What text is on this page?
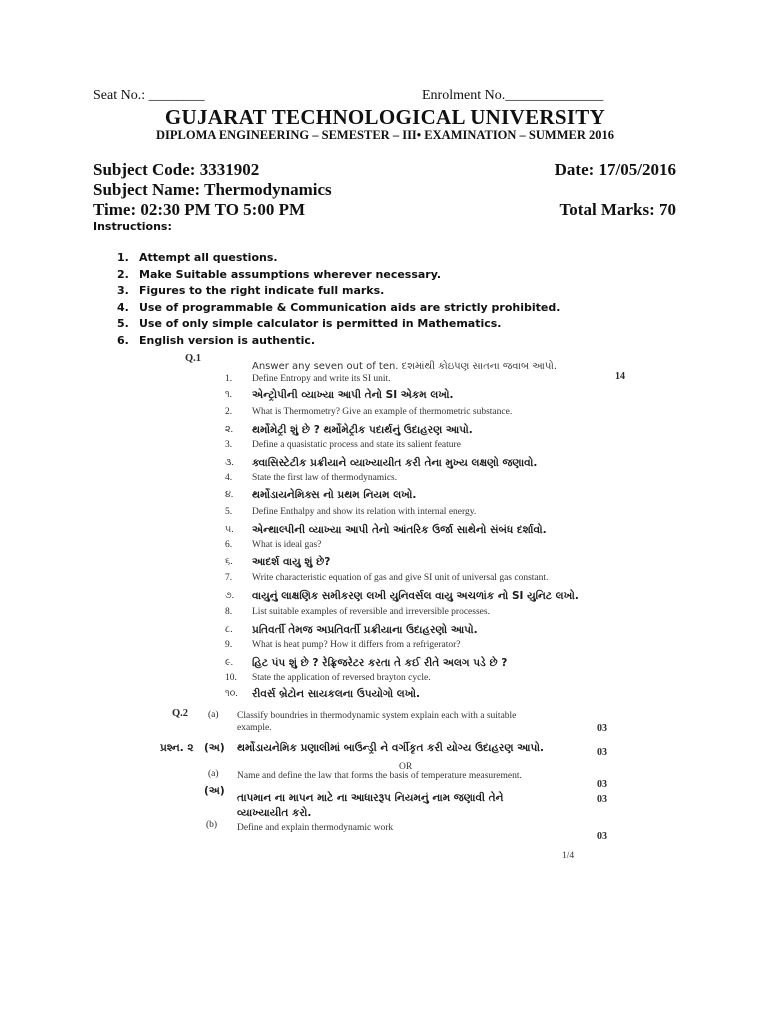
Seat No.: ________	Enrolment No.______________
GUJARAT TECHNOLOGICAL UNIVERSITY
DIPLOMA ENGINEERING – SEMESTER – III• EXAMINATION – SUMMER 2016
Subject Code: 3331902	Date: 17/05/2016
Subject Name: Thermodynamics
Time: 02:30 PM TO 5:00 PM	Total Marks: 70
Instructions:
1. Attempt all questions.
2. Make Suitable assumptions wherever necessary.
3. Figures to the right indicate full marks.
4. Use of programmable & Communication aids are strictly prohibited.
5. Use of only simple calculator is permitted in Mathematics.
6. English version is authentic.
Q.1
Answer any seven out of ten. દશમાંથી કોઇપણ સાતના જવાબ આપો.
14
1. Define Entropy and write its SI unit.
૧. એન્ટ્રોપીની વ્યાખ્યા આપી તેનો SI એકમ લખો.
2. What is Thermometry? Give an example of thermometric substance.
૨. થર્મોમેટ્રી શું છે ? થર્મોમેટ્રીક પદાર્થનું ઉદાહરણ આપો.
3. Define a quasistatic process and state its salient feature
૩. ક્વાસિસ્ટેટીક પ્રક્રીયાને વ્યાખ્યાયીત કરી તેના મુખ્ય લક્ષણો જણાવો.
4. State the first law of thermodynamics.
૪. થર્મોડાયનેમિક્સ નો પ્રથમ નિયમ લખો.
5. Define Enthalpy and show its relation with internal energy.
૫. એન્થાલ્પીની વ્યાખ્યા આપી તેનો આંતરિક ઉર્જા સાથેનો સંબંધ દર્શાવો.
6. What is ideal gas?
૬. આદર્શ વાયુ શું છે?
7. Write characteristic equation of gas and give SI unit of universal gas constant.
૭. વાયુનું લાક્ષણિક સમીકરણ લખી યુનિવર્સલ વાયુ અચળાંક નો SI યુનિટ લખો.
8. List suitable examples of reversible and irreversible processes.
૮. પ્રતિવર્તી તેમજ અપ્રતિવર્તી પ્રક્રીયાના ઉદાહરણો આપો.
9. What is heat pump? How it differs from a refrigerator?
૯. હિટ પંપ શું છે ? રેફ્રિજરેટર કરતા તે કઈ રીતે અલગ પડે છે ?
10. State the application of reversed brayton cycle.
૧૦. રીવર્સ બ્રેટોન સાયકલના ઉપયોગો લખો.
Q.2 (a) Classify boundries in thermodynamic system explain each with a suitable
example.	03
પ્રશ્ન. ૨ (અ) થર્મોડાયનેમિક પ્રણાલીમાં બાઉન્ડ્રી ને વર્ગીકૃત કરી યોગ્ય ઉદાહરણ આપો.	03
OR
(a) Name and define the law that forms the basis of temperature measurement.
03
(અ)
તાપમાન ના માપન માટે ના આધારરૂપ નિયમનું નામ જણાવી તેને
વ્યાખ્યાયીત કરો.
03
(b) Define and explain thermodynamic work
03
1/4
